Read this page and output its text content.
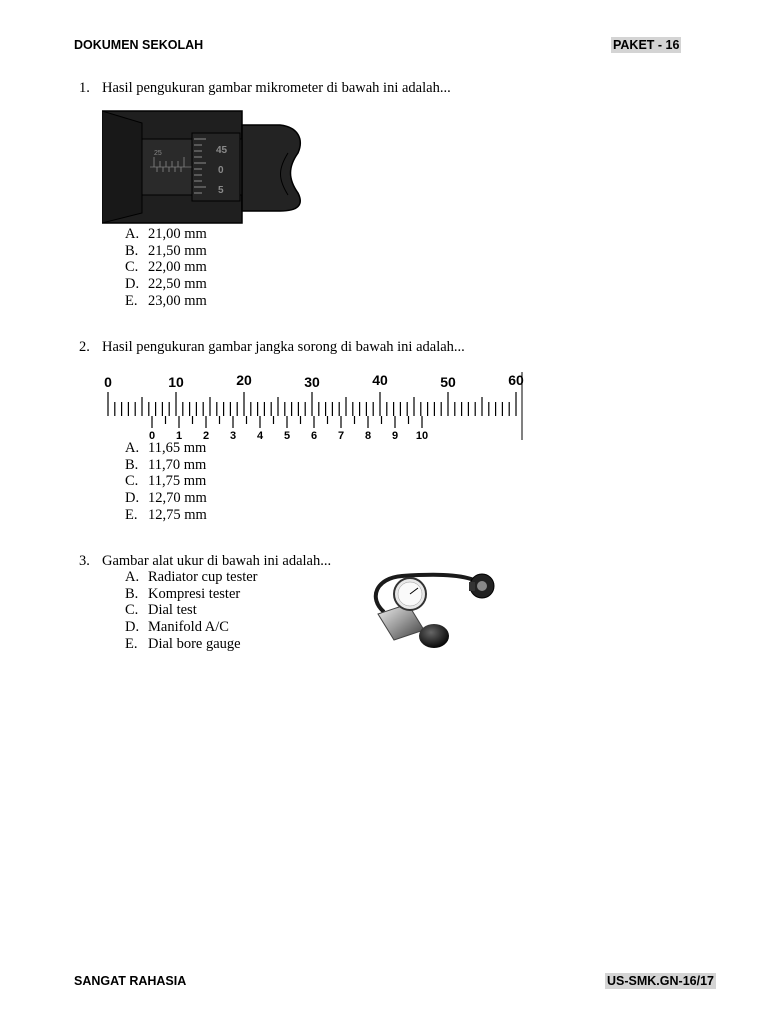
DOKUMEN SEKOLAH	PAKET - 16
1. Hasil pengukuran gambar mikrometer di bawah ini adalah...
25	45
0
5
A. 21,00 mm
B. 21,50 mm
C. 22,00 mm
D. 22,50 mm
E. 23,00 mm
2. Hasil pengukuran gambar jangka sorong di bawah ini adalah...
0	10	20	30	40	50	60
0 1 2 3 4 5 6 7 8 9 10
A. 11,65 mm
B. 11,70 mm
C. 11,75 mm
D. 12,70 mm
E. 12,75 mm
3. Gambar alat ukur di bawah ini adalah...
A. Radiator cup tester
B. Kompresi tester
C. Dial test
D. Manifold A/C
E. Dial bore gauge
SANGAT RAHASIA	US-SMK.GN-16/17
